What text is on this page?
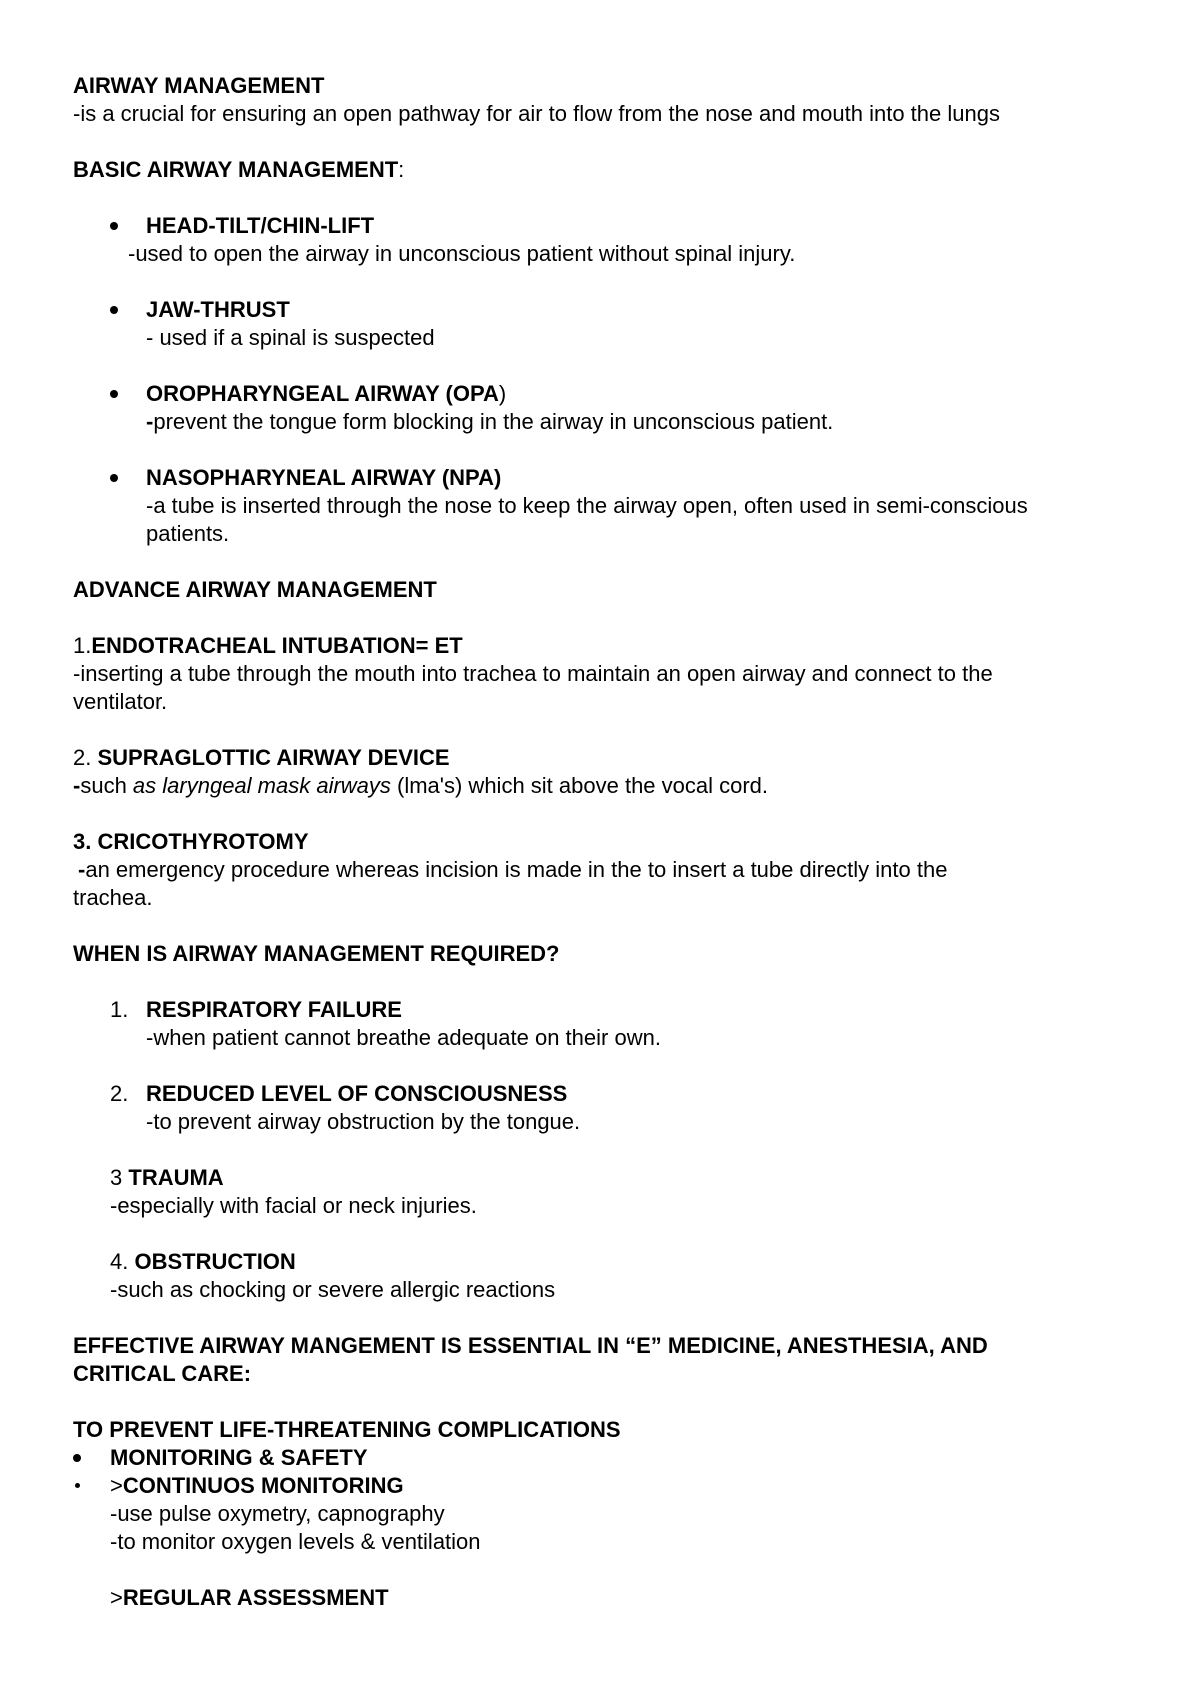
AIRWAY MANAGEMENT
-is a crucial for ensuring an open pathway for air to flow from the nose and mouth into the lungs
BASIC AIRWAY MANAGEMENT:
HEAD-TILT/CHIN-LIFT
-used to open the airway in unconscious patient without spinal injury.
JAW-THRUST
- used if a spinal is suspected
OROPHARYNGEAL AIRWAY (OPA)
-prevent the tongue form blocking in the airway in unconscious patient.
NASOPHARYNEAL AIRWAY (NPA)
-a tube is inserted through the nose to keep the airway open, often used in semi-conscious
patients.
ADVANCE AIRWAY MANAGEMENT
1.ENDOTRACHEAL INTUBATION= ET
-inserting a tube through the mouth into trachea to maintain an open airway and connect to the
ventilator.
2. SUPRAGLOTTIC AIRWAY DEVICE
-such as laryngeal mask airways (lma's) which sit above the vocal cord.
3. CRICOTHYROTOMY
-an emergency procedure whereas incision is made in the to insert a tube directly into the
trachea.
WHEN IS AIRWAY MANAGEMENT REQUIRED?
1. RESPIRATORY FAILURE
-when patient cannot breathe adequate on their own.
2. REDUCED LEVEL OF CONSCIOUSNESS
-to prevent airway obstruction by the tongue.
3 TRAUMA
-especially with facial or neck injuries.
4. OBSTRUCTION
-such as chocking or severe allergic reactions
EFFECTIVE AIRWAY MANGEMENT IS ESSENTIAL IN “E” MEDICINE, ANESTHESIA, AND
CRITICAL CARE:
TO PREVENT LIFE-THREATENING COMPLICATIONS
MONITORING & SAFETY
>CONTINUOS MONITORING
-use pulse oxymetry, capnography
-to monitor oxygen levels & ventilation
>REGULAR ASSESSMENT
